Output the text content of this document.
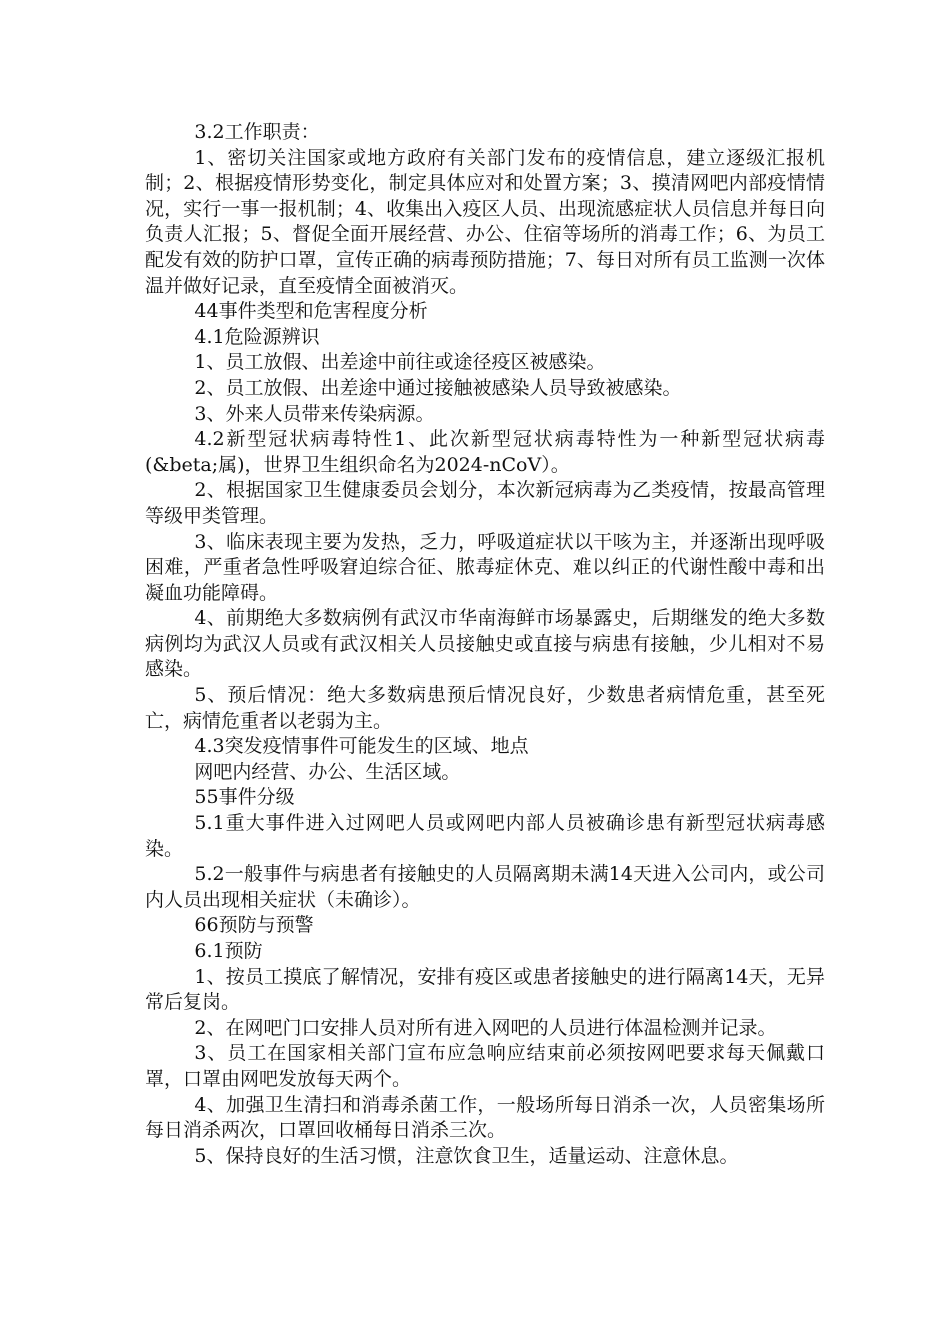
3.2工作职责：

1、密切关注国家或地方政府有关部门发布的疫情信息，建立逐级汇报机制；2、根据疫情形势变化，制定具体应对和处置方案；3、摸清网吧内部疫情情况，实行一事一报机制；4、收集出入疫区人员、出现流感症状人员信息并每日向负责人汇报；5、督促全面开展经营、办公、住宿等场所的消毒工作；6、为员工配发有效的防护口罩，宣传正确的病毒预防措施；7、每日对所有员工监测一次体温并做好记录，直至疫情全面被消灭。

44事件类型和危害程度分析

4.1危险源辨识

1、员工放假、出差途中前往或途径疫区被感染。

2、员工放假、出差途中通过接触被感染人员导致被感染。

3、外来人员带来传染病源。

4.2新型冠状病毒特性1、此次新型冠状病毒特性为一种新型冠状病毒(&beta;属)，世界卫生组织命名为2024-nCoV）。

2、根据国家卫生健康委员会划分，本次新冠病毒为乙类疫情，按最高管理等级甲类管理。

3、临床表现主要为发热，乏力，呼吸道症状以干咳为主，并逐渐出现呼吸困难，严重者急性呼吸窘迫综合征、脓毒症休克、难以纠正的代谢性酸中毒和出凝血功能障碍。

4、前期绝大多数病例有武汉市华南海鲜市场暴露史，后期继发的绝大多数病例均为武汉人员或有武汉相关人员接触史或直接与病患有接触，少儿相对不易感染。

5、预后情况：绝大多数病患预后情况良好，少数患者病情危重，甚至死亡，病情危重者以老弱为主。

4.3突发疫情事件可能发生的区域、地点

网吧内经营、办公、生活区域。

55事件分级

5.1重大事件进入过网吧人员或网吧内部人员被确诊患有新型冠状病毒感染。

5.2一般事件与病患者有接触史的人员隔离期未满14天进入公司内，或公司内人员出现相关症状（未确诊）。

66预防与预警

6.1预防

1、按员工摸底了解情况，安排有疫区或患者接触史的进行隔离14天，无异常后复岗。

2、在网吧门口安排人员对所有进入网吧的人员进行体温检测并记录。

3、员工在国家相关部门宣布应急响应结束前必须按网吧要求每天佩戴口罩，口罩由网吧发放每天两个。

4、加强卫生清扫和消毒杀菌工作，一般场所每日消杀一次，人员密集场所每日消杀两次，口罩回收桶每日消杀三次。

5、保持良好的生活习惯，注意饮食卫生，适量运动、注意休息。
